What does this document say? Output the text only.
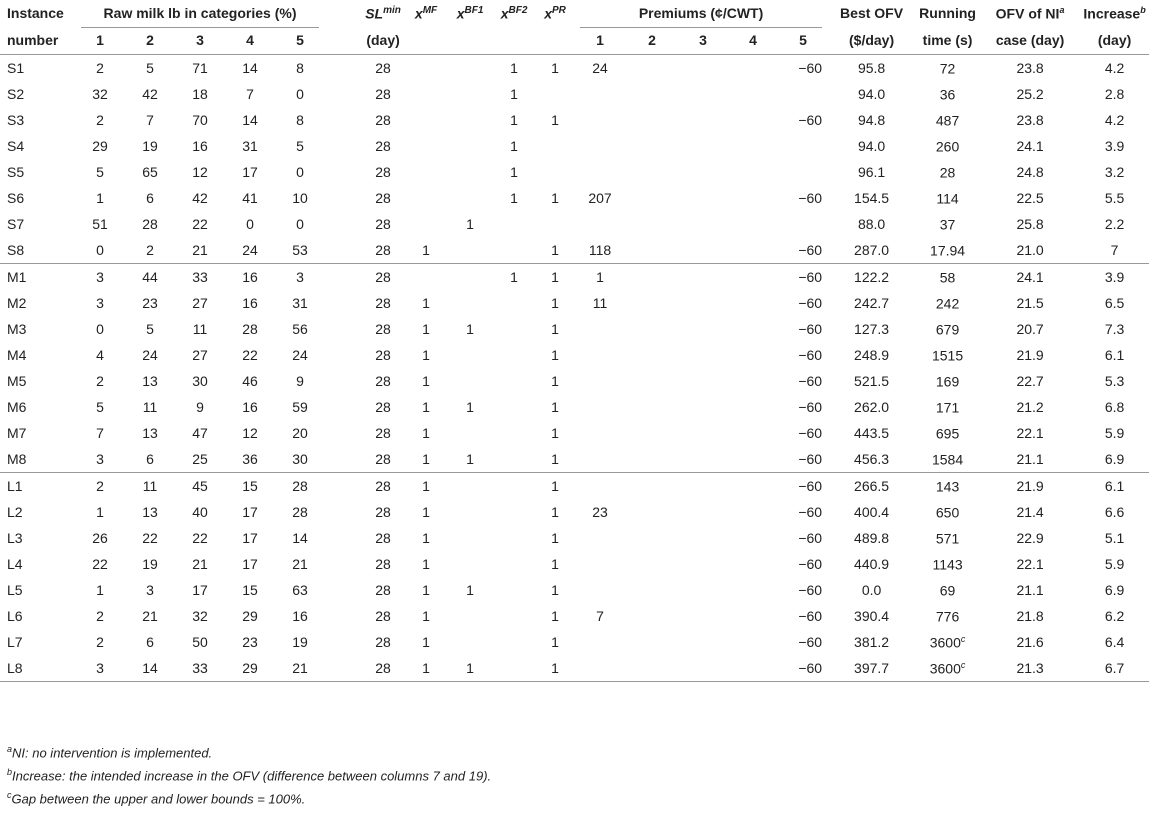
Instance	Raw milk lb in categories (%)						$SL^{min}$	$x^{MF}$	$x^{BF1}$	$x^{BF2}$	$x^{PR}$	Premiums (¢/CWT)					Best OFV	Running	OFV of NI$^a$	Increase$^b$
number	1	2	3	4	5		(day)					1	2	3	4	5	($/day)	time (s)	case (day)	(day)
S1	2	5	71	14	8		28			1	1	24				−60	95.8	72	23.8	4.2
S2	32	42	18	7	0		28			1							94.0	36	25.2	2.8
S3	2	7	70	14	8		28			1	1					−60	94.8	487	23.8	4.2
S4	29	19	16	31	5		28			1							94.0	260	24.1	3.9
S5	5	65	12	17	0		28			1							96.1	28	24.8	3.2
S6	1	6	42	41	10		28			1	1	207				−60	154.5	114	22.5	5.5
S7	51	28	22	0	0		28		1								88.0	37	25.8	2.2
S8	0	2	21	24	53		28	1			1	118				−60	287.0	17.94	21.0	7
M1	3	44	33	16	3		28			1	1	1				−60	122.2	58	24.1	3.9
M2	3	23	27	16	31		28	1			1	11				−60	242.7	242	21.5	6.5
M3	0	5	11	28	56		28	1	1		1					−60	127.3	679	20.7	7.3
M4	4	24	27	22	24		28	1			1					−60	248.9	1515	21.9	6.1
M5	2	13	30	46	9		28	1			1					−60	521.5	169	22.7	5.3
M6	5	11	9	16	59		28	1	1		1					−60	262.0	171	21.2	6.8
M7	7	13	47	12	20		28	1			1					−60	443.5	695	22.1	5.9
M8	3	6	25	36	30		28	1	1		1					−60	456.3	1584	21.1	6.9
L1	2	11	45	15	28		28	1			1					−60	266.5	143	21.9	6.1
L2	1	13	40	17	28		28	1			1	23				−60	400.4	650	21.4	6.6
L3	26	22	22	17	14		28	1			1					−60	489.8	571	22.9	5.1
L4	22	19	21	17	21		28	1			1					−60	440.9	1143	22.1	5.9
L5	1	3	17	15	63		28	1	1		1					−60	0.0	69	21.1	6.9
L6	2	21	32	29	16		28	1			1	7				−60	390.4	776	21.8	6.2
L7	2	6	50	23	19		28	1			1					−60	381.2	3600$^c$	21.6	6.4
L8	3	14	33	29	21		28	1	1		1					−60	397.7	3600$^c$	21.3	6.7
$^a$NI: no intervention is implemented.
$^b$Increase: the intended increase in the OFV (difference between columns 7 and 19).
$^c$Gap between the upper and lower bounds = 100%.
